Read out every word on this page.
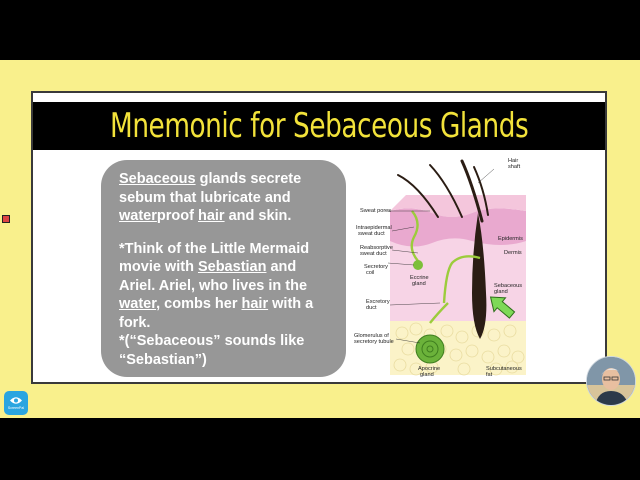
Mnemonic for Sebaceous Glands

Sebaceous glands secrete sebum that lubricate and waterproof hair and skin.

*Think of the Little Mermaid movie with Sebastian and Ariel. Ariel, who lives in the water, combs her hair with a fork.

*(“Sebaceous” sounds like “Sebastian”)

Hair
shaft
Sweat pores
Intraepidermal
sweat duct
Reabsorptive
sweat duct
Secretory
coil
Eccrine
gland
Excretory
duct
Glomerulus of
secretory tubule
Apocrine
gland
Epidermis
Dermis
Sebaceous
gland
Subcutaneous
fat
ScreenPal
